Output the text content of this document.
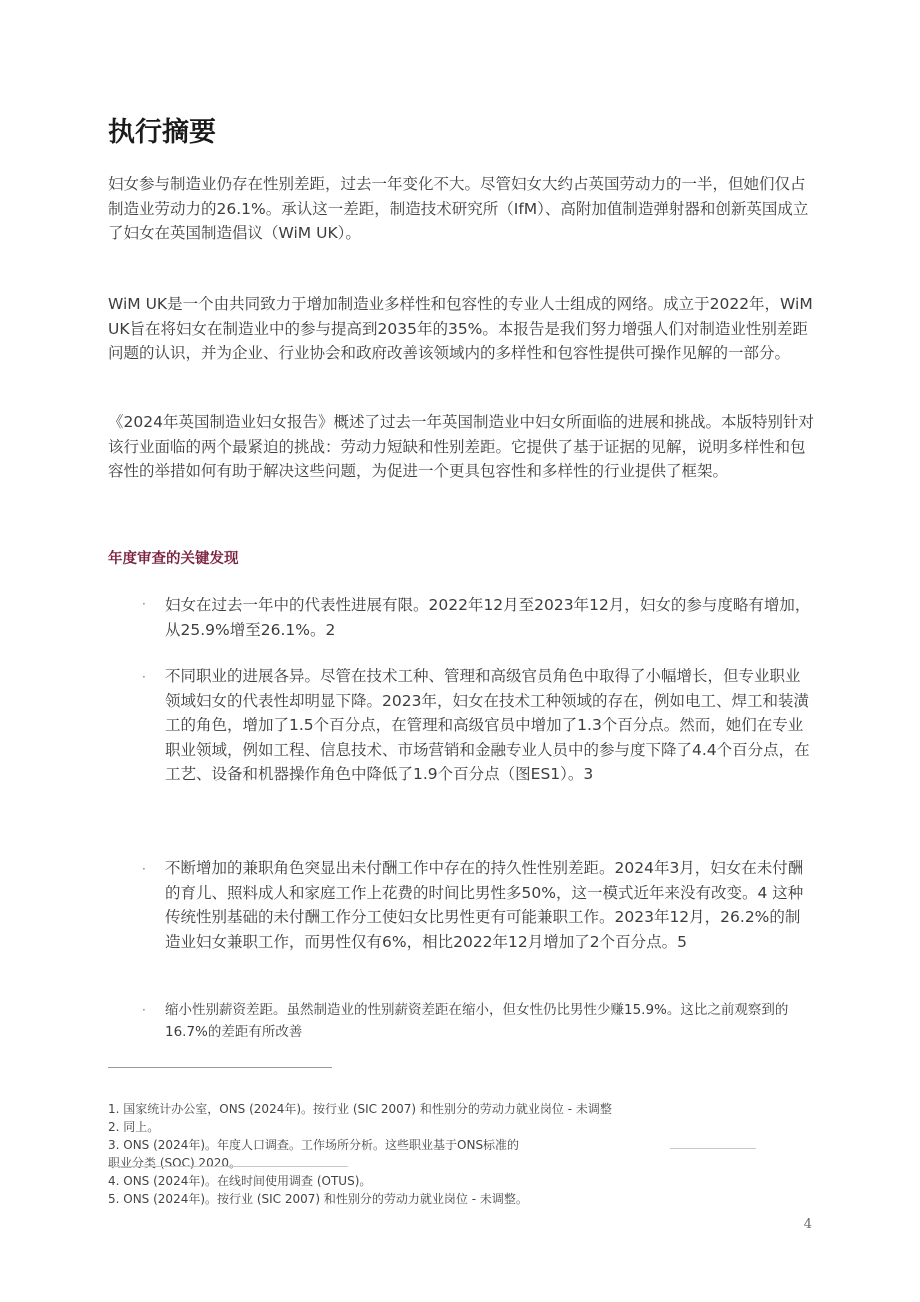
执行摘要

妇女参与制造业仍存在性别差距，过去一年变化不大。尽管妇女大约占英国劳动力的一半，但她们仅占制造业劳动力的26.1%。承认这一差距，制造技术研究所（IfM）、高附加值制造弹射器和创新英国成立了妇女在英国制造倡议（WiM UK）。

WiM UK是一个由共同致力于增加制造业多样性和包容性的专业人士组成的网络。成立于2022年，WiM UK旨在将妇女在制造业中的参与提高到2035年的35%。本报告是我们努力增强人们对制造业性别差距问题的认识，并为企业、行业协会和政府改善该领域内的多样性和包容性提供可操作见解的一部分。

《2024年英国制造业妇女报告》概述了过去一年英国制造业中妇女所面临的进展和挑战。本版特别针对该行业面临的两个最紧迫的挑战：劳动力短缺和性别差距。它提供了基于证据的见解，说明多样性和包容性的举措如何有助于解决这些问题，为促进一个更具包容性和多样性的行业提供了框架。

年度审查的关键发现
· 妇女在过去一年中的代表性进展有限。2022年12月至2023年12月，妇女的参与度略有增加，从25.9%增至26.1%。2

· 不同职业的进展各异。尽管在技术工种、管理和高级官员角色中取得了小幅增长，但专业职业领域妇女的代表性却明显下降。2023年，妇女在技术工种领域的存在，例如电工、焊工和装潢工的角色，增加了1.5个百分点，在管理和高级官员中增加了1.3个百分点。然而，她们在专业职业领域，例如工程、信息技术、市场营销和金融专业人员中的参与度下降了4.4个百分点，在工艺、设备和机器操作角色中降低了1.9个百分点（图ES1）。3

· 不断增加的兼职角色突显出未付酬工作中存在的持久性性别差距。2024年3月，妇女在未付酬的育儿、照料成人和家庭工作上花费的时间比男性多50%，这一模式近年来没有改变。4 这种传统性别基础的未付酬工作分工使妇女比男性更有可能兼职工作。2023年12月，26.2%的制造业妇女兼职工作，而男性仅有6%，相比2022年12月增加了2个百分点。5

· 缩小性别薪资差距。虽然制造业的性别薪资差距在缩小，但女性仍比男性少赚15.9%。这比之前观察到的16.7%的差距有所改善

1. 国家统计办公室，ONS (2024年)。按行业 (SIC 2007) 和性别分的劳动力就业岗位 - 未调整

2. 同上。

3. ONS (2024年)。年度人口调查。工作场所分析。这些职业基于ONS标准的

职业分类 (SOC) 2020。

4. ONS (2024年)。在线时间使用调查 (OTUS)。

5. ONS (2024年)。按行业 (SIC 2007) 和性别分的劳动力就业岗位 - 未调整。

4
